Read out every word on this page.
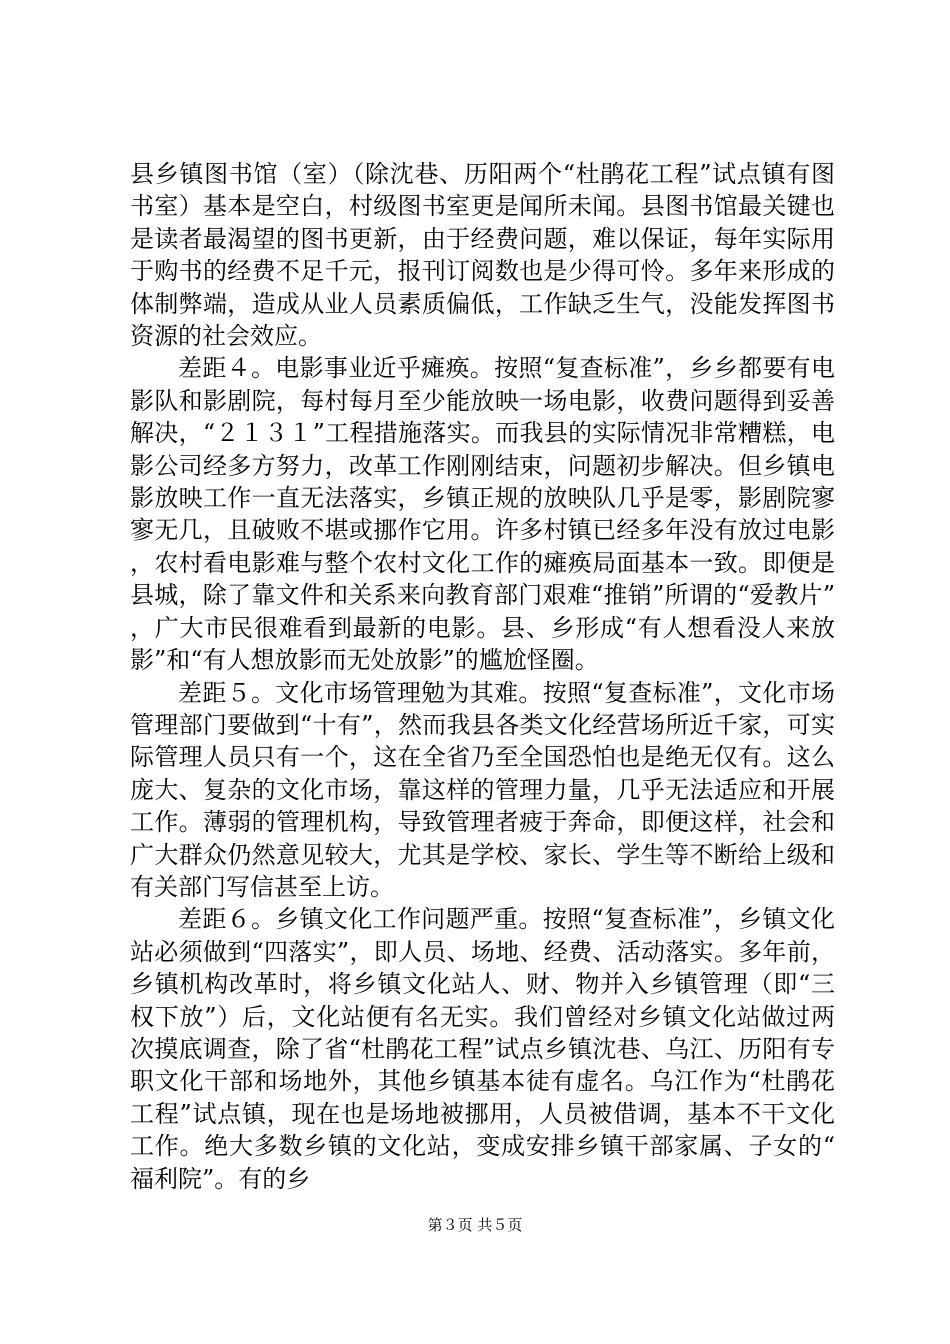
县乡镇图书馆（室）（除沈巷、历阳两个“杜鹃花工程”试点镇有图书室）基本是空白，村级图书室更是闻所未闻。县图书馆最关键也是读者最渴望的图书更新，由于经费问题，难以保证，每年实际用于购书的经费不足千元，报刊订阅数也是少得可怜。多年来形成的体制弊端，造成从业人员素质偏低，工作缺乏生气，没能发挥图书资源的社会效应。

差距４。电影事业近乎瘫痪。按照“复查标准”，乡乡都要有电影队和影剧院，每村每月至少能放映一场电影，收费问题得到妥善解决，“２１３１”工程措施落实。而我县的实际情况非常糟糕，电影公司经多方努力，改革工作刚刚结束，问题初步解决。但乡镇电影放映工作一直无法落实，乡镇正规的放映队几乎是零，影剧院寥寥无几，且破败不堪或挪作它用。许多村镇已经多年没有放过电影，农村看电影难与整个农村文化工作的瘫痪局面基本一致。即便是县城，除了靠文件和关系来向教育部门艰难“推销”所谓的“爱教片”，广大市民很难看到最新的电影。县、乡形成“有人想看没人来放影”和“有人想放影而无处放影”的尴尬怪圈。

差距５。文化市场管理勉为其难。按照“复查标准”，文化市场管理部门要做到“十有”，然而我县各类文化经营场所近千家，可实际管理人员只有一个，这在全省乃至全国恐怕也是绝无仅有。这么庞大、复杂的文化市场，靠这样的管理力量，几乎无法适应和开展工作。薄弱的管理机构，导致管理者疲于奔命，即便这样，社会和广大群众仍然意见较大，尤其是学校、家长、学生等不断给上级和有关部门写信甚至上访。

差距６。乡镇文化工作问题严重。按照“复查标准”，乡镇文化站必须做到“四落实”，即人员、场地、经费、活动落实。多年前，乡镇机构改革时，将乡镇文化站人、财、物并入乡镇管理（即“三权下放”）后，文化站便有名无实。我们曾经对乡镇文化站做过两次摸底调查，除了省“杜鹃花工程”试点乡镇沈巷、乌江、历阳有专职文化干部和场地外，其他乡镇基本徒有虚名。乌江作为“杜鹃花工程”试点镇，现在也是场地被挪用，人员被借调，基本不干文化工作。绝大多数乡镇的文化站，变成安排乡镇干部家属、子女的“福利院”。有的乡

第３页 共５页
